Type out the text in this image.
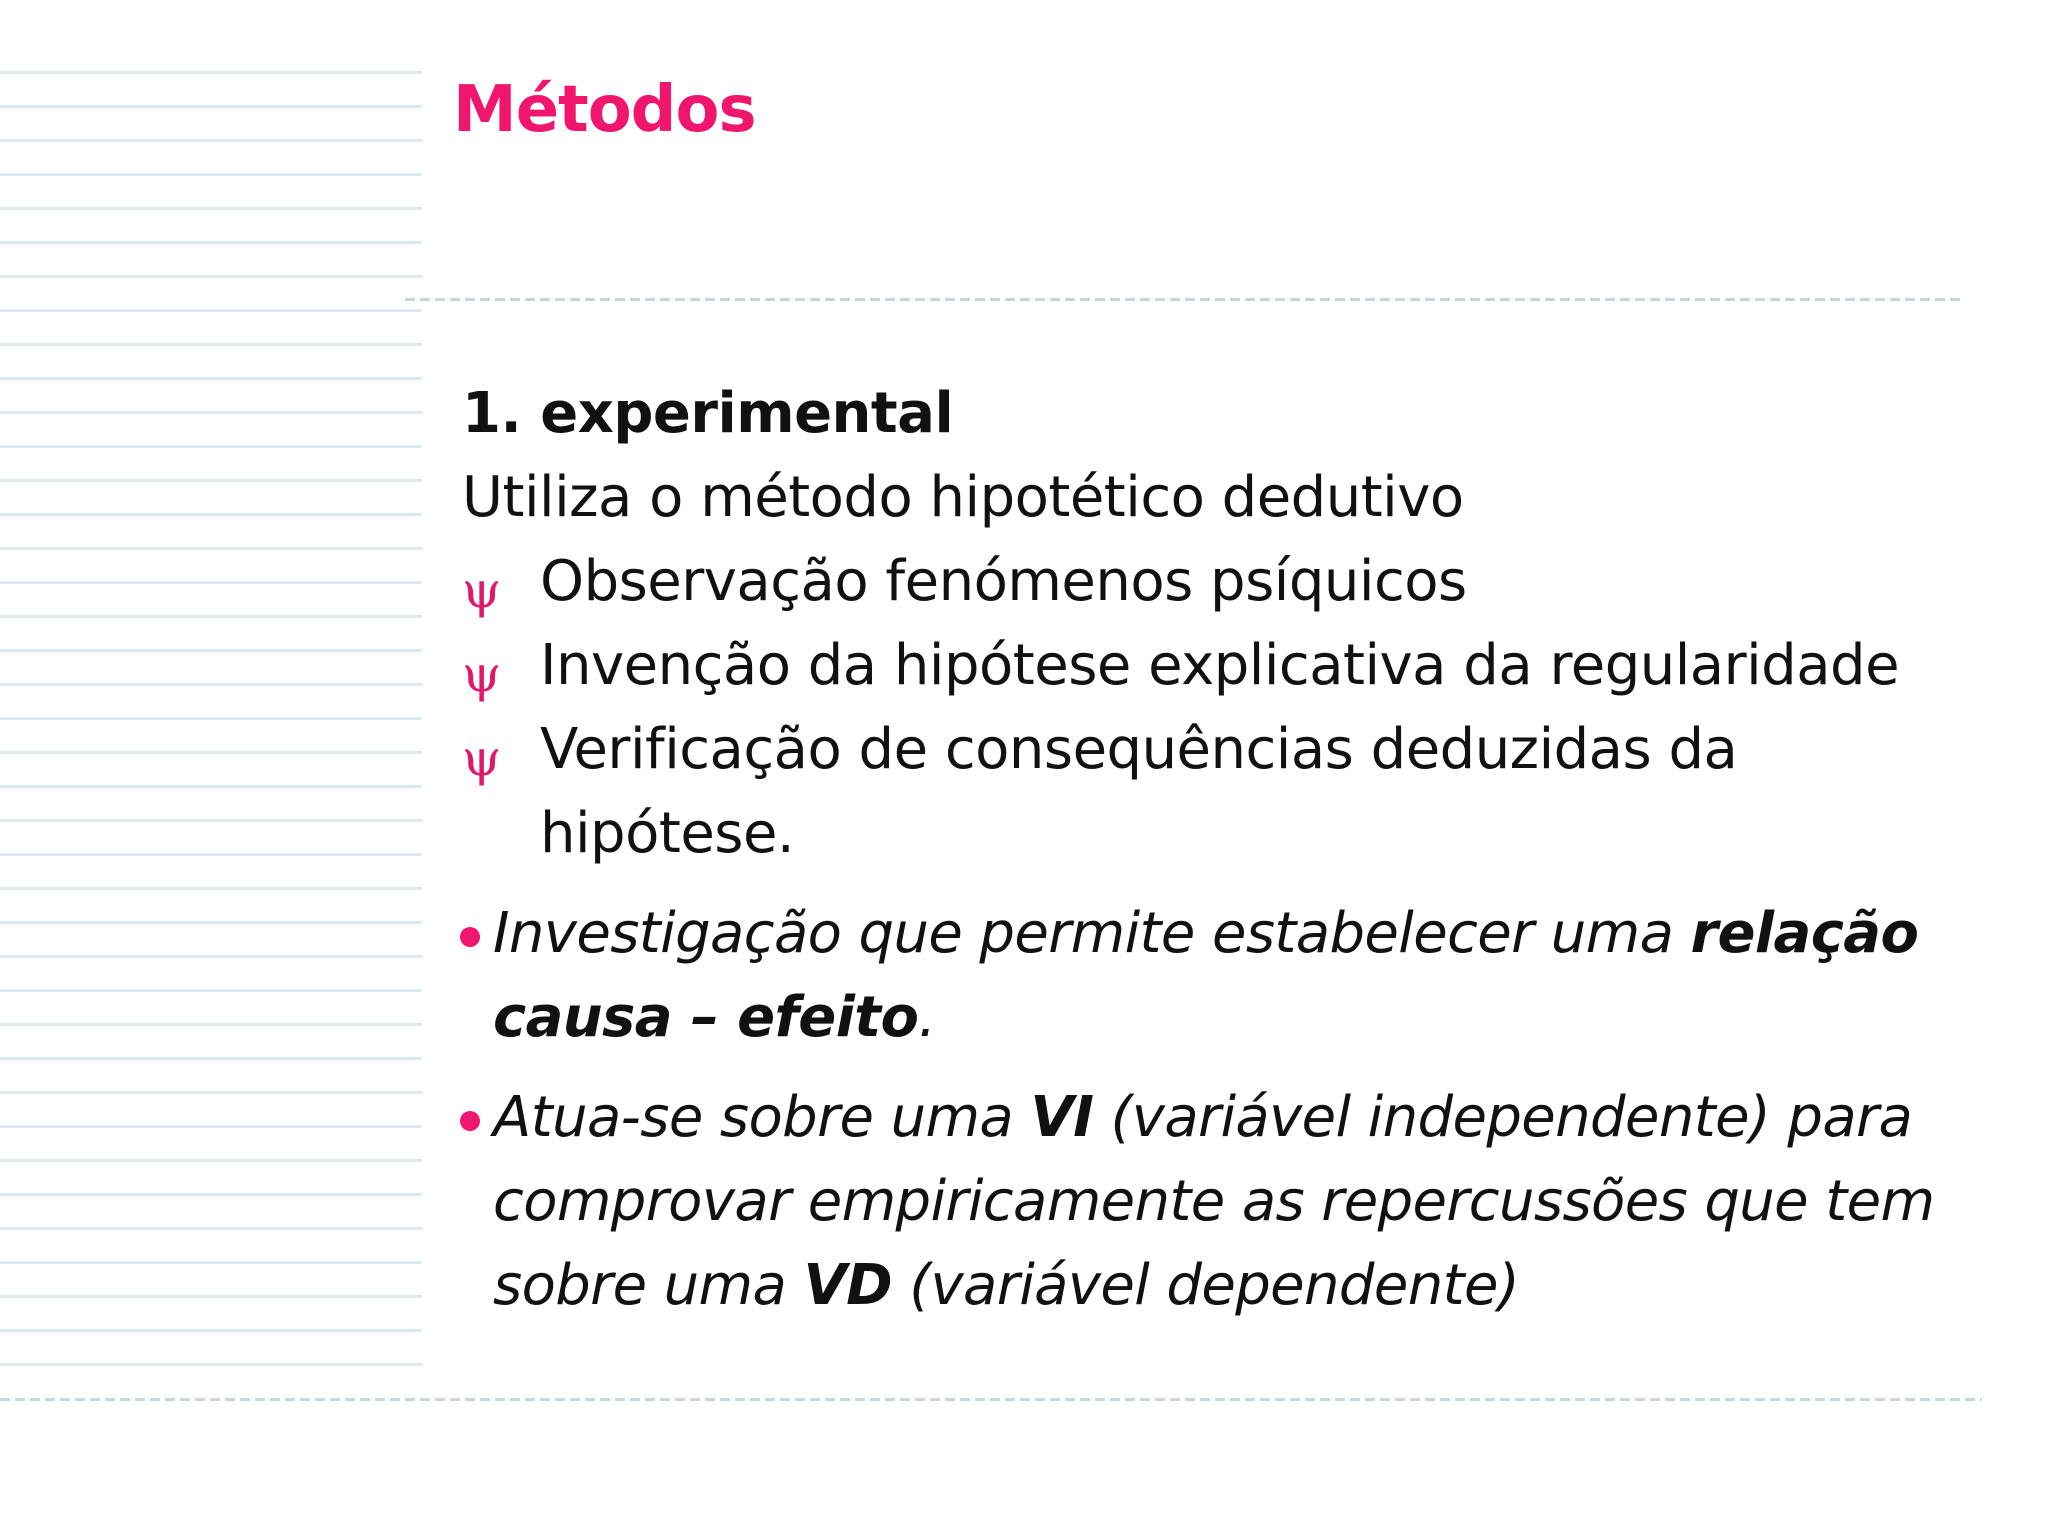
Métodos

1. experimental

Utiliza o método hipotético dedutivo

ψ Observação fenómenos psíquicos
ψ Invenção da hipótese explicativa da regularidade
ψ Verificação de consequências deduzidas da hipótese.
Investigação que permite estabelecer uma relação causa – efeito.
Atua-se sobre uma VI (variável independente) para comprovar empiricamente as repercussões que tem sobre uma VD (variável dependente)
